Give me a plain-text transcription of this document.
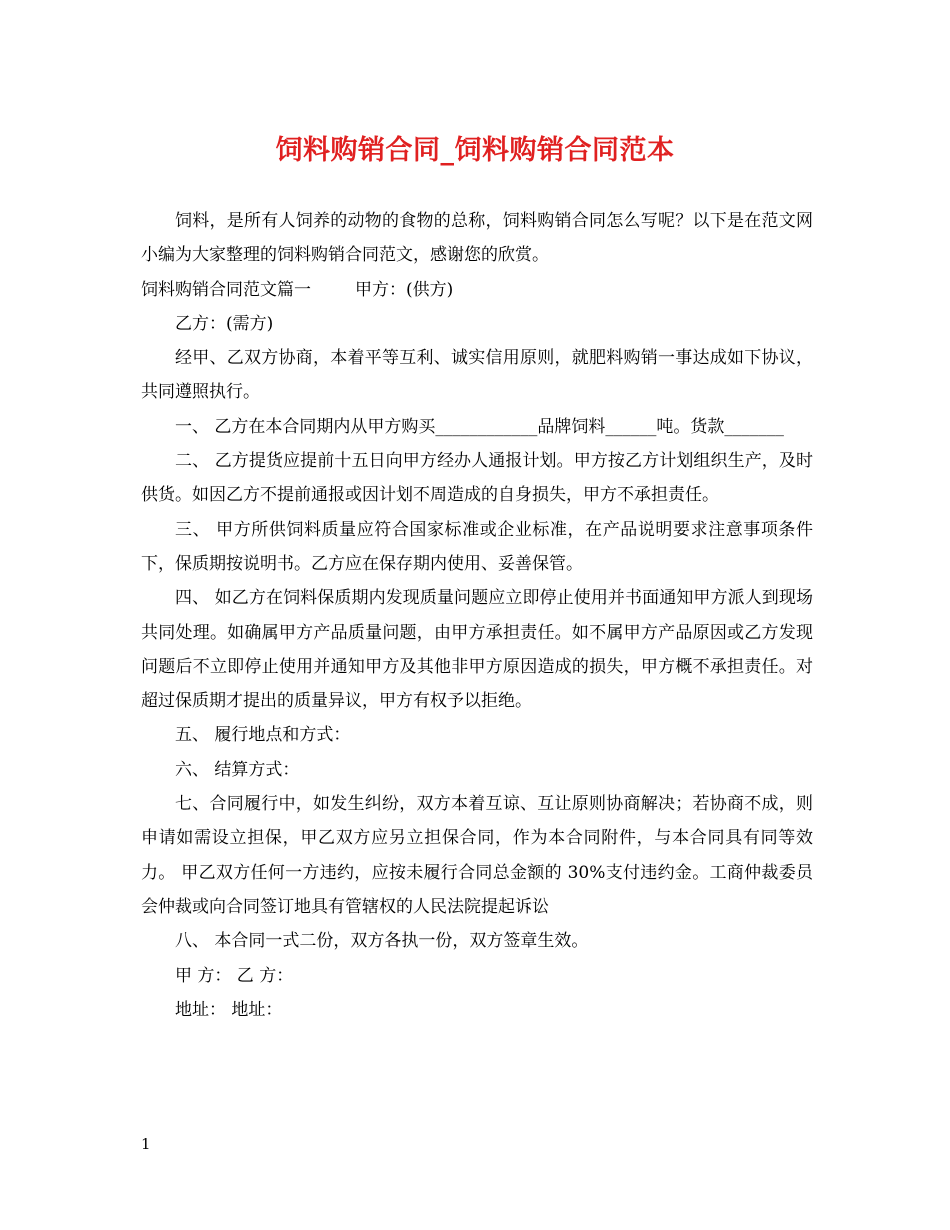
饲料购销合同_饲料购销合同范本

饲料，是所有人饲养的动物的食物的总称，饲料购销合同怎么写呢？以下是在范文网小编为大家整理的饲料购销合同范文，感谢您的欣赏。

饲料购销合同范文篇一	甲方：(供方)

乙方：(需方)

经甲、乙双方协商，本着平等互利、诚实信用原则，就肥料购销一事达成如下协议，共同遵照执行。

一、 乙方在本合同期内从甲方购买____________品牌饲料______吨。货款_______

二、 乙方提货应提前十五日向甲方经办人通报计划。甲方按乙方计划组织生产，及时供货。如因乙方不提前通报或因计划不周造成的自身损失，甲方不承担责任。

三、 甲方所供饲料质量应符合国家标准或企业标准，在产品说明要求注意事项条件下，保质期按说明书。乙方应在保存期内使用、妥善保管。

四、 如乙方在饲料保质期内发现质量问题应立即停止使用并书面通知甲方派人到现场共同处理。如确属甲方产品质量问题，由甲方承担责任。如不属甲方产品原因或乙方发现问题后不立即停止使用并通知甲方及其他非甲方原因造成的损失，甲方概不承担责任。对超过保质期才提出的质量异议，甲方有权予以拒绝。

五、 履行地点和方式：

六、 结算方式：

七、合同履行中，如发生纠纷，双方本着互谅、互让原则协商解决；若协商不成，则申请如需设立担保，甲乙双方应另立担保合同，作为本合同附件，与本合同具有同等效力。 甲乙双方任何一方违约，应按未履行合同总金额的 30%支付违约金。工商仲裁委员会仲裁或向合同签订地具有管辖权的人民法院提起诉讼

八、 本合同一式二份，双方各执一份，双方签章生效。

甲 方： 乙 方：

地址： 地址：

1
